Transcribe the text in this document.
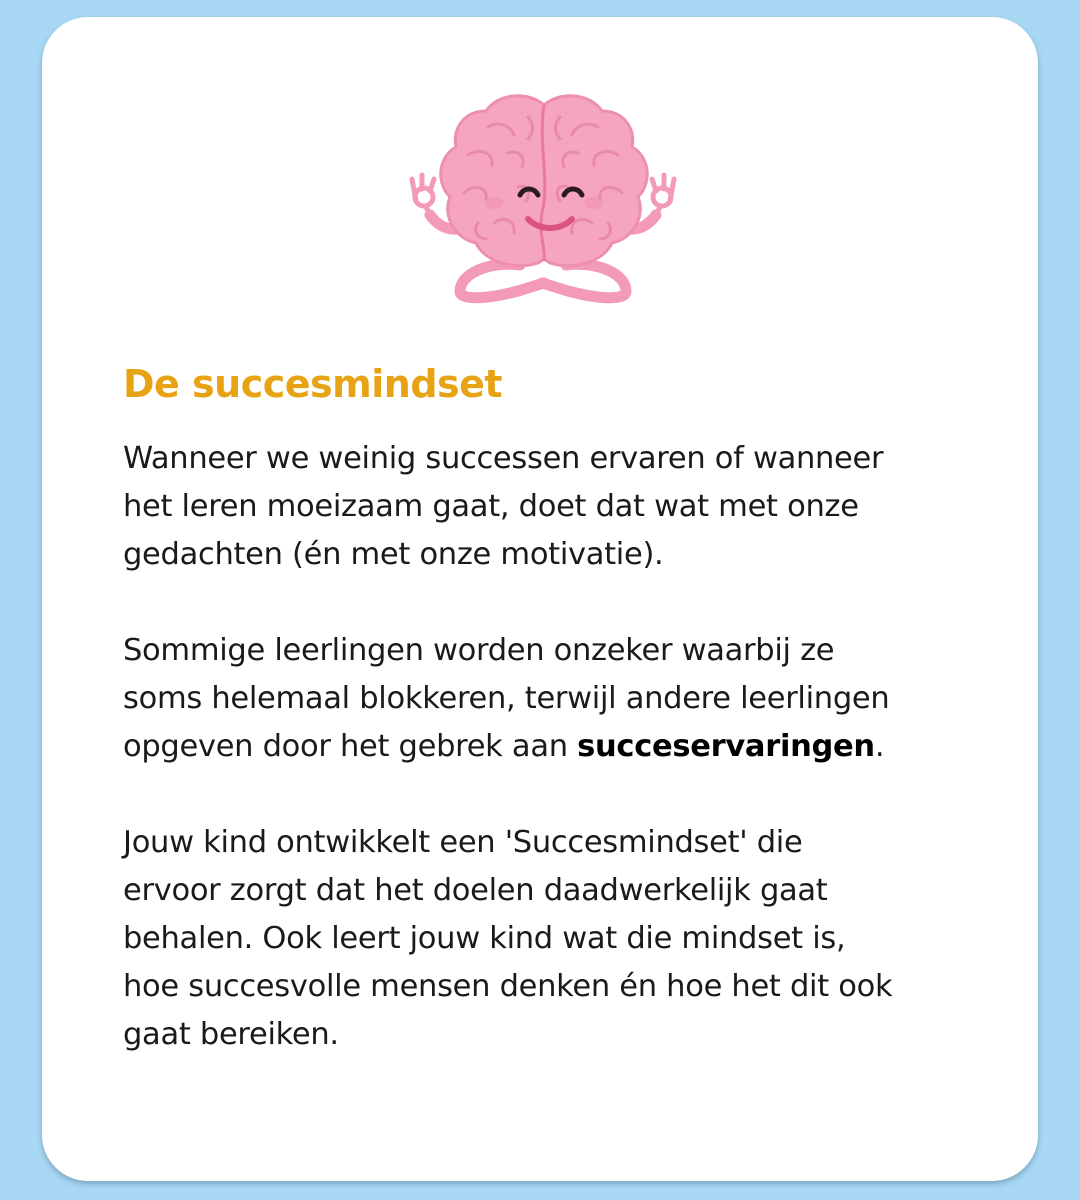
De succesmindset

Wanneer we weinig successen ervaren of wanneer
het leren moeizaam gaat, doet dat wat met onze
gedachten (én met onze motivatie).

Sommige leerlingen worden onzeker waarbij ze
soms helemaal blokkeren, terwijl andere leerlingen
opgeven door het gebrek aan succeservaringen.

Jouw kind ontwikkelt een 'Succesmindset' die
ervoor zorgt dat het doelen daadwerkelijk gaat
behalen. Ook leert jouw kind wat die mindset is,
hoe succesvolle mensen denken én hoe het dit ook
gaat bereiken.
